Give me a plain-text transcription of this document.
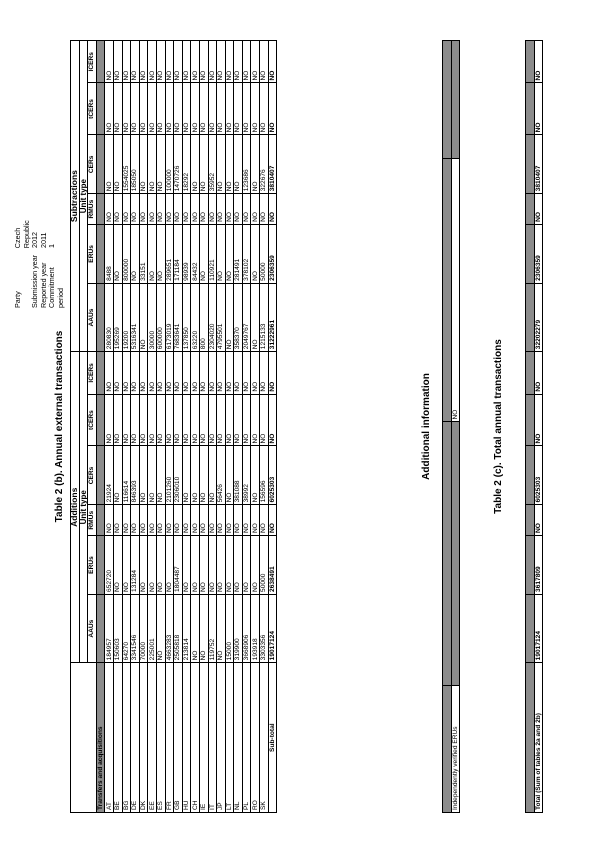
Party
Czech Republic
Submission year
2012
Reported year
2011
Commitment period
1
Table 2 (b). Annual external transactions
	Additions						Subtractions					
	Unit type						Unit type					
	AAUs	ERUs	RMUs	CERs	tCERs	lCERs	AAUs	ERUs	RMUs	CERs	tCERs	lCERs
Transfers and acquisitions												
AT	184957	652720	NO	21924	NO	NO	280830	8488	NO	NO	NO	NO
BE	150603	NO	NO	NO	NO	NO	195269	NO	NO	NO	NO	NO
BG	64270	NO	NO	116614	NO	NO	19200	800000	NO	1554025	NO	NO
DE	3341546	131284	NO	846393	NO	NO	5316341	NO	NO	185050	NO	NO
DK	70000	NO	NO	NO	NO	NO	NO	33151	NO	NO	NO	NO
EE	225001	NO	NO	NO	NO	NO	30000	NO	NO	NO	NO	NO
ES	NO	NO	NO	NO	NO	NO	600000	NO	NO	NO	NO	NO
FR	4663283	NO	NO	2101260	NO	NO	6173019	289651	NO	100000	NO	NO
GB	2505818	1804487	NO	2306010	NO	NO	7683641	171184	NO	1470726	NO	NO
HU	213814	NO	NO	NO	NO	NO	137850	98939	NO	18292	NO	NO
CH	NO	NO	NO	NO	NO	NO	63220	84432	NO	NO	NO	NO
IE	NO	NO	NO	NO	NO	NO	800	NO	NO	NO	NO	NO
IT	119752	NO	NO	NO	NO	NO	2304020	110921	NO	35952	NO	NO
JP	NO	NO	NO	56426	NO	NO	4795501	NO	NO	NO	NO	NO
LT	15000	NO	NO	NO	NO	NO	NO	NO	NO	NO	NO	NO
NL	319900	NO	NO	381088	NO	NO	358370	281491	NO	NO	NO	NO
PL	3668906	NO	NO	38992	NO	NO	2049767	378102	NO	123686	NO	NO
RO	193918	NO	NO	NO	NO	NO	NO	NO	NO	NO	NO	NO
SK	3303356	50000	NO	156596	NO	NO	1215133	50000	NO	322676	NO	NO
Sub-total	19017124	2638491	NO	6025303	NO	NO	31222961	2306359	NO	3810407	NO	NO
Additional information

Independently verified ERUs		NO		Table 2 (c). Total annual transactions

Total (Sum of tables 2a and 2b)	19017124	3617809	NO	6025303	NO	NO	32202279	2306359	NO	3810407	NO	NO
